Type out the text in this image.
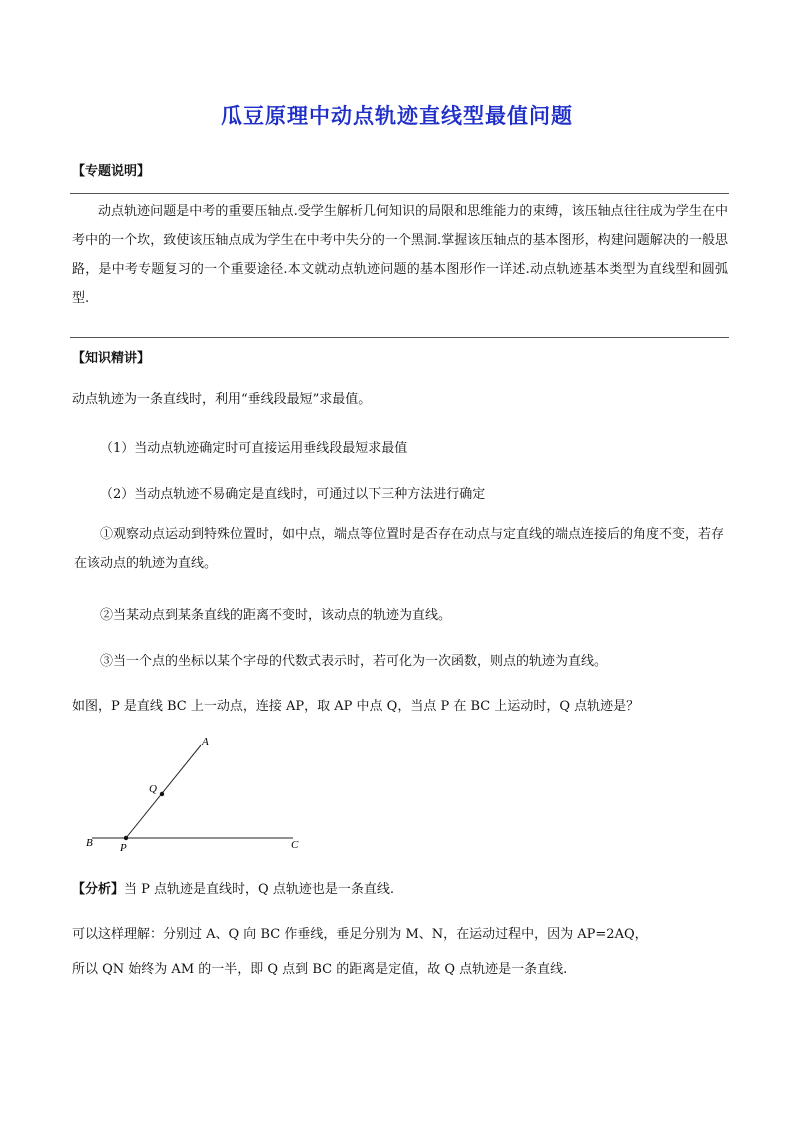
瓜豆原理中动点轨迹直线型最值问题
【专题说明】
动点轨迹问题是中考的重要压轴点.受学生解析几何知识的局限和思维能力的束缚，该压轴点往往成为学生在中考中的一个坎，致使该压轴点成为学生在中考中失分的一个黑洞.掌握该压轴点的基本图形，构建问题解决的一般思路，是中考专题复习的一个重要途径.本文就动点轨迹问题的基本图形作一详述.动点轨迹基本类型为直线型和圆弧型.
【知识精讲】
动点轨迹为一条直线时，利用“垂线段最短”求最值。
（1）当动点轨迹确定时可直接运用垂线段最短求最值
（2）当动点轨迹不易确定是直线时，可通过以下三种方法进行确定
①观察动点运动到特殊位置时，如中点，端点等位置时是否存在动点与定直线的端点连接后的角度不变，若存在该动点的轨迹为直线。
②当某动点到某条直线的距离不变时，该动点的轨迹为直线。
③当一个点的坐标以某个字母的代数式表示时，若可化为一次函数，则点的轨迹为直线。
如图，P 是直线 BC 上一动点，连接 AP，取 AP 中点 Q，当点 P 在 BC 上运动时，Q 点轨迹是？
A
Q
B P	C
【分析】当 P 点轨迹是直线时，Q 点轨迹也是一条直线.
可以这样理解：分别过 A、Q 向 BC 作垂线，垂足分别为 M、N，在运动过程中，因为 AP=2AQ，
所以 QN 始终为 AM 的一半，即 Q 点到 BC 的距离是定值，故 Q 点轨迹是一条直线.
